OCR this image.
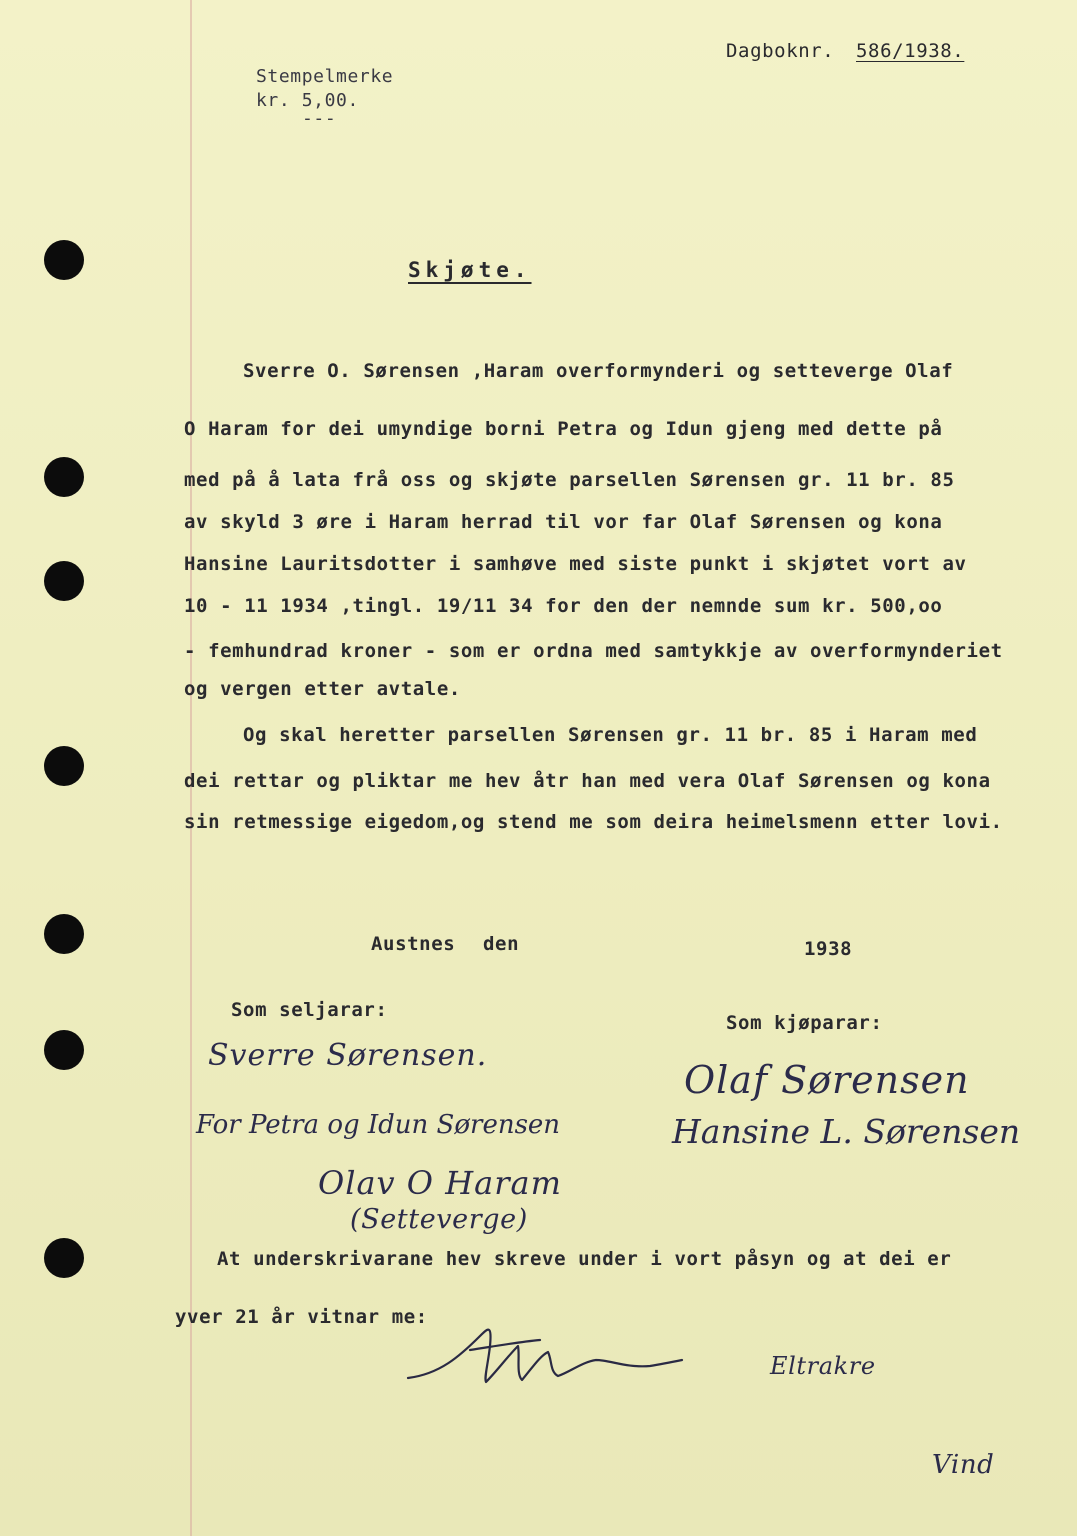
Stempelmerke
kr. 5,00.
---
Dagboknr. 586/1938.
Skjøte.
Sverre O. Sørensen ,Haram overformynderi og setteverge Olaf
O Haram for dei umyndige borni Petra og Idun gjeng med dette på
med på å lata frå oss og skjøte parsellen Sørensen gr. 11 br. 85
av skyld 3 øre i Haram herrad til vor far Olaf Sørensen og kona
Hansine Lauritsdotter i samhøve med siste punkt i skjøtet vort av
10 - 11 1934 ,tingl. 19/11 34 for den der nemnde sum kr. 500,oo
- femhundrad kroner - som er ordna med samtykkje av overformynderiet
og vergen etter avtale.
Og skal heretter parsellen Sørensen gr. 11 br. 85 i Haram med
dei rettar og pliktar me hev åtr han med vera Olaf Sørensen og kona
sin retmessige eigedom,og stend me som deira heimelsmenn etter lovi.
Austnes den	1938
Som seljarar:
Som kjøparar:
Sverre Sørensen.
For Petra og Idun Sørensen
Olav O Haram
(Setteverge)
Olaf Sørensen
Hansine L. Sørensen
At underskrivarane hev skreve under i vort påsyn og at dei er
yver 21 år vitnar me:
Eltrakre
Vind
